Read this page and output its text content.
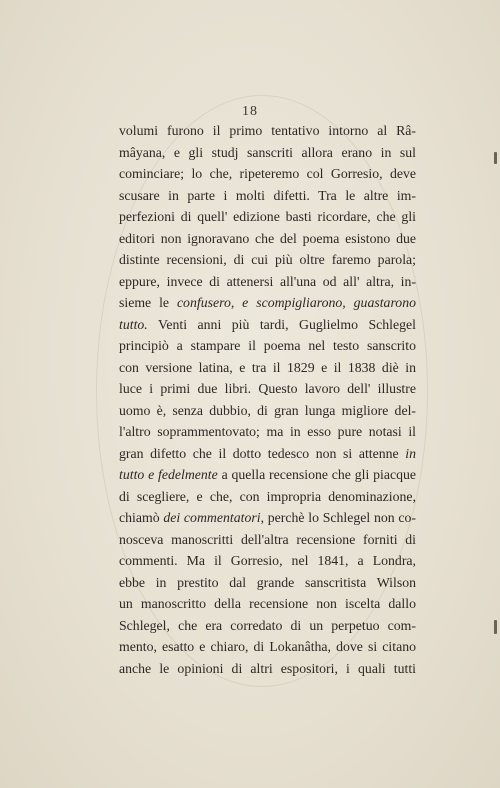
18
volumi furono il primo tentativo intorno al Râ-
mâyana, e gli studj sanscriti allora erano in sul
cominciare; lo che, ripeteremo col Gorresio, deve
scusare in parte i molti difetti. Tra le altre im-
perfezioni di quell' edizione basti ricordare, che gli
editori non ignoravano che del poema esistono due
distinte recensioni, di cui più oltre faremo parola;
eppure, invece di attenersi all'una od all' altra, in-
sieme le confusero, e scompigliarono, guastarono
tutto. Venti anni più tardi, Guglielmo Schlegel
principiò a stampare il poema nel testo sanscrito
con versione latina, e tra il 1829 e il 1838 diè in
luce i primi due libri. Questo lavoro dell' illustre
uomo è, senza dubbio, di gran lunga migliore del-
l'altro soprammentovato; ma in esso pure notasi il
gran difetto che il dotto tedesco non si attenne in
tutto e fedelmente a quella recensione che gli piacque
di scegliere, e che, con impropria denominazione,
chiamò dei commentatori, perchè lo Schlegel non co-
nosceva manoscritti dell'altra recensione forniti di
commenti. Ma il Gorresio, nel 1841, a Londra,
ebbe in prestito dal grande sanscritista Wilson
un manoscritto della recensione non iscelta dallo
Schlegel, che era corredato di un perpetuo com-
mento, esatto e chiaro, di Lokanâtha, dove si citano
anche le opinioni di altri espositori, i quali tutti
